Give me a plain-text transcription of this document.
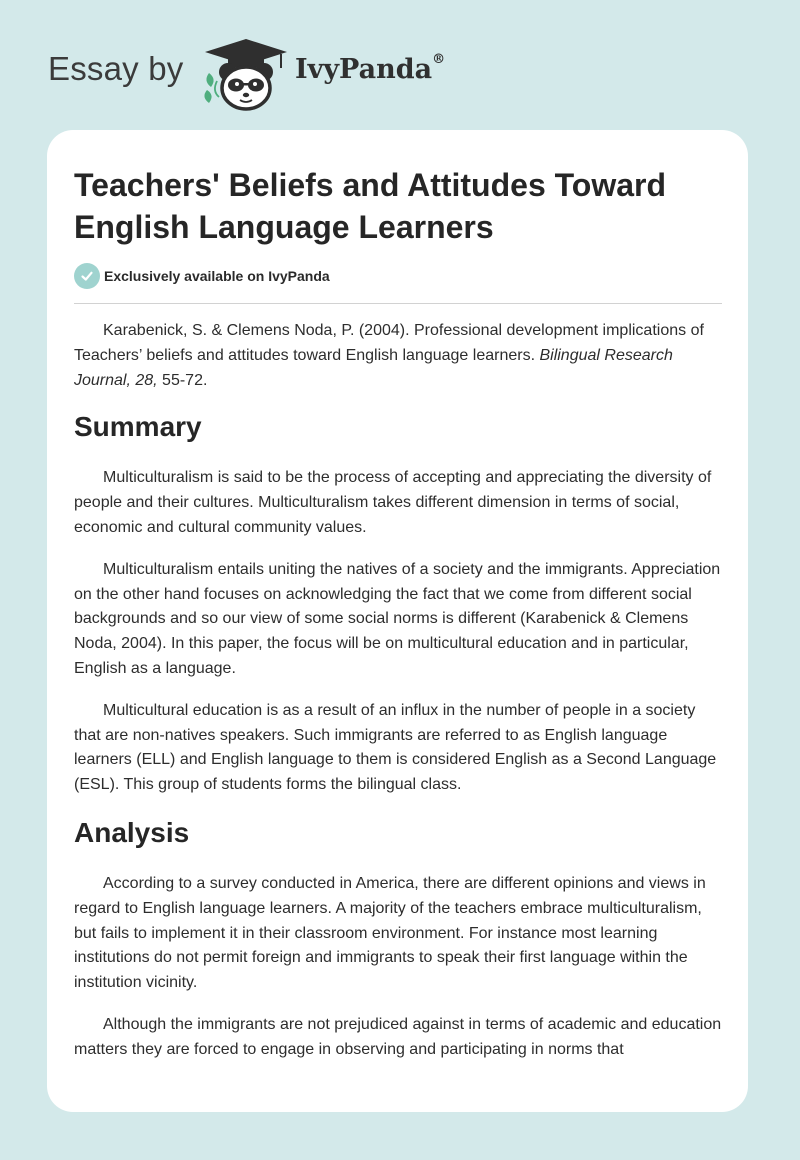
Essay by	IvyPanda®
Teachers' Beliefs and Attitudes Toward English Language Learners
Exclusively available on IvyPanda

Karabenick, S. & Clemens Noda, P. (2004). Professional development implications of Teachers’ beliefs and attitudes toward English language learners. Bilingual Research Journal, 28, 55-72.

Summary

Multiculturalism is said to be the process of accepting and appreciating the diversity of people and their cultures. Multiculturalism takes different dimension in terms of social, economic and cultural community values.

Multiculturalism entails uniting the natives of a society and the immigrants. Appreciation on the other hand focuses on acknowledging the fact that we come from different social backgrounds and so our view of some social norms is different (Karabenick & Clemens Noda, 2004). In this paper, the focus will be on multicultural education and in particular, English as a language.

Multicultural education is as a result of an influx in the number of people in a society that are non-natives speakers. Such immigrants are referred to as English language learners (ELL) and English language to them is considered English as a Second Language (ESL). This group of students forms the bilingual class.

Analysis

According to a survey conducted in America, there are different opinions and views in regard to English language learners. A majority of the teachers embrace multiculturalism, but fails to implement it in their classroom environment. For instance most learning institutions do not permit foreign and immigrants to speak their first language within the institution vicinity.

Although the immigrants are not prejudiced against in terms of academic and education matters they are forced to engage in observing and participating in norms that
